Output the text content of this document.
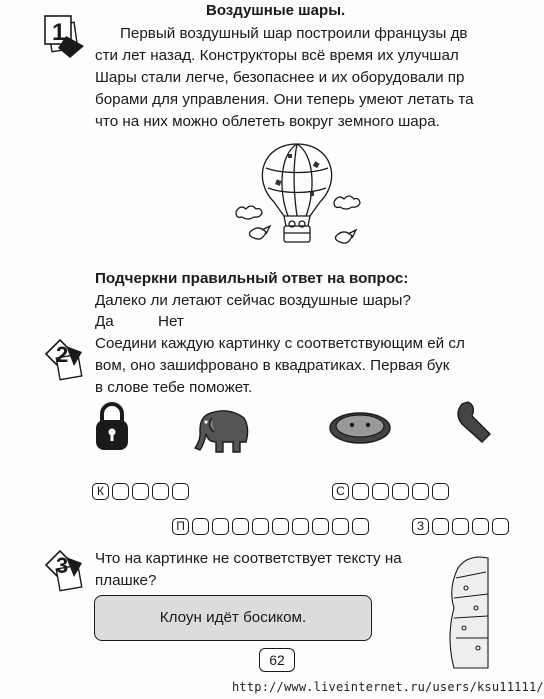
Воздушные шары.
1	Первый воздушный шар построили французы дв
сти лет назад. Конструкторы всё время их улучшал
Шары стали легче, безопаснее и их оборудовали пр
борами для управления. Они теперь умеют летать та
что на них можно облететь вокруг земного шара.
Подчеркни правильный ответ на вопрос:
Далеко ли летают сейчас воздушные шары?
Да	Нет
2 Соедини каждую картинку с соответствующим ей сл
вом, оно зашифровано в квадратиках. Первая бук
в слове тебе поможет.
К	С
П	З
3 Что на картинке не соответствует тексту на
плашке?
Клоун идёт босиком.
62
http://www.liveinternet.ru/users/ksu11111/
